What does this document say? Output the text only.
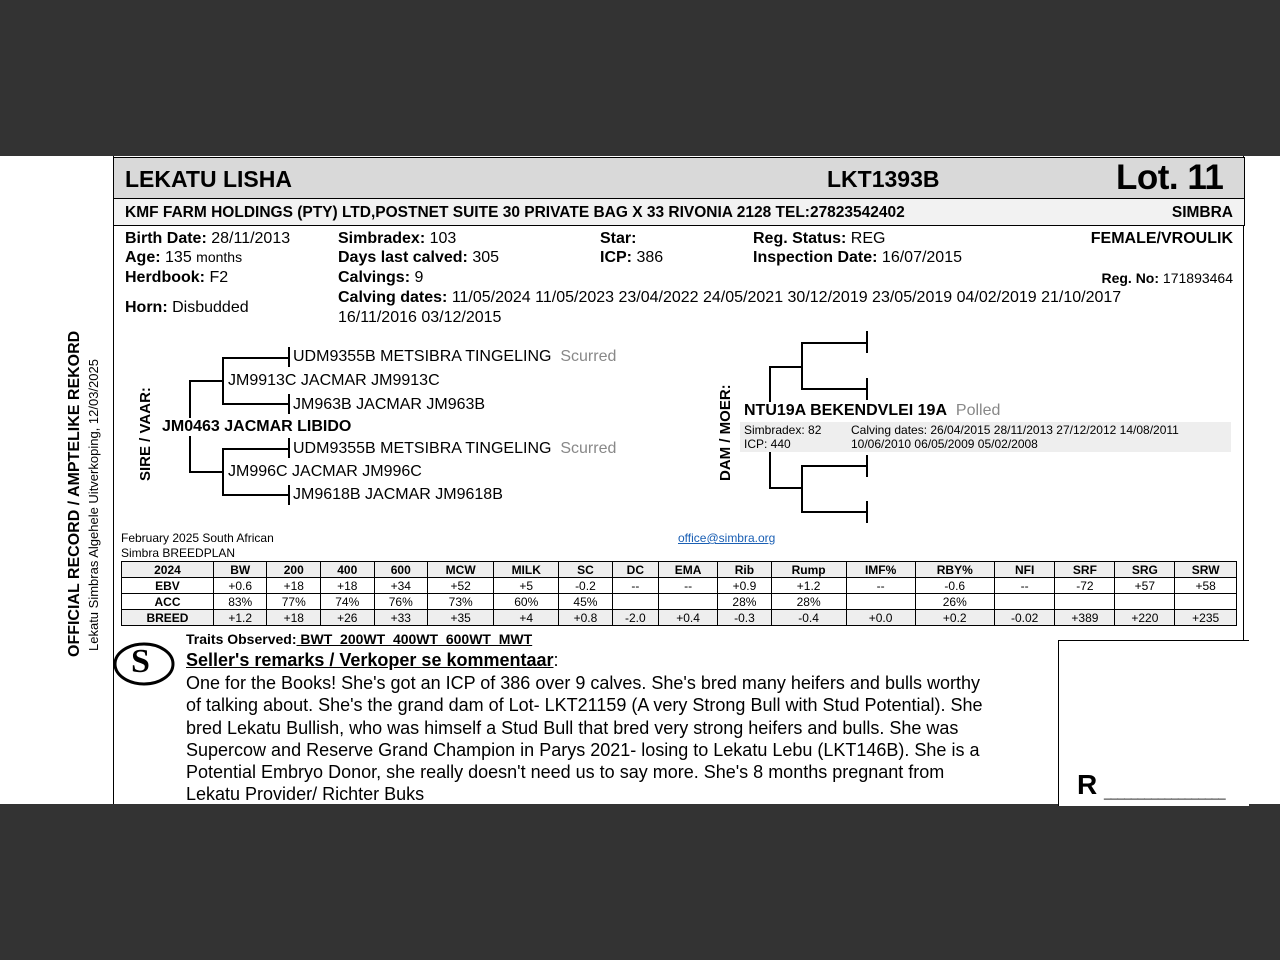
OFFICIAL RECORD / AMPTELIKE REKORD Lekatu Simbras Algehele Uitverkoping, 12/03/2025
LEKATU LISHA	LKT1393B	Lot. 11
KMF FARM HOLDINGS (PTY) LTD,POSTNET SUITE 30 PRIVATE BAG X 33 RIVONIA 2128 TEL:27823542402	SIMBRA
Birth Date: 28/11/2013
Age: 135 months
Herdbook: F2
Horn: Disbudded
Simbradex: 103
Days last calved: 305
Calvings: 9
Calving dates: 11/05/2024 11/05/2023 23/04/2022 24/05/2021 30/12/2019 23/05/2019 04/02/2019 21/10/2017
16/11/2016 03/12/2015
Star:
ICP: 386
Reg. Status: REG
Inspection Date: 16/07/2015
FEMALE/VROULIK
Reg. No: 171893464
SIRE / VAAR:	DAM / MOER:
UDM9355B METSIBRA TINGELING Scurred
JM9913C JACMAR JM9913C
JM963B JACMAR JM963B
JM0463 JACMAR LIBIDO
UDM9355B METSIBRA TINGELING Scurred
JM996C JACMAR JM996C
JM9618B JACMAR JM9618B
NTU19A BEKENDVLEI 19A Polled
Simbradex: 82
ICP: 440
Calving dates: 26/04/2015 28/11/2013 27/12/2012 14/08/2011
10/06/2010 06/05/2009 05/02/2008
February 2025 South African
Simbra BREEDPLAN
office@simbra.org
2024	BW	200	400	600	MCW	MILK	SC	DC	EMA	Rib	Rump	IMF%	RBY%	NFI	SRF	SRG	SRW
EBV	+0.6	+18	+18	+34	+52	+5	-0.2	--	--	+0.9	+1.2	--	-0.6	--	-72	+57	+58
ACC	83%	77%	74%	76%	73%	60%	45%			28%	28%		26%				
BREED	+1.2	+18	+26	+33	+35	+4	+0.8	-2.0	+0.4	-0.3	-0.4	+0.0	+0.2	-0.02	+389	+220	+235
Traits Observed: BWT  200WT  400WT  600WT  MWT
S Seller's remarks / Verkoper se kommentaar:
One for the Books! She's got an ICP of 386 over 9 calves. She's bred many heifers and bulls worthy
of talking about. She's the grand dam of Lot- LKT21159 (A very Strong Bull with Stud Potential). She
bred Lekatu Bullish, who was himself a Stud Bull that bred very strong heifers and bulls. She was
Supercow and Reserve Grand Champion in Parys 2021- losing to Lekatu Lebu (LKT146B). She is a
Potential Embryo Donor, she really doesn't need us to say more. She's 8 months pregnant from
Lekatu Provider/ Richter Buks	R __________________
